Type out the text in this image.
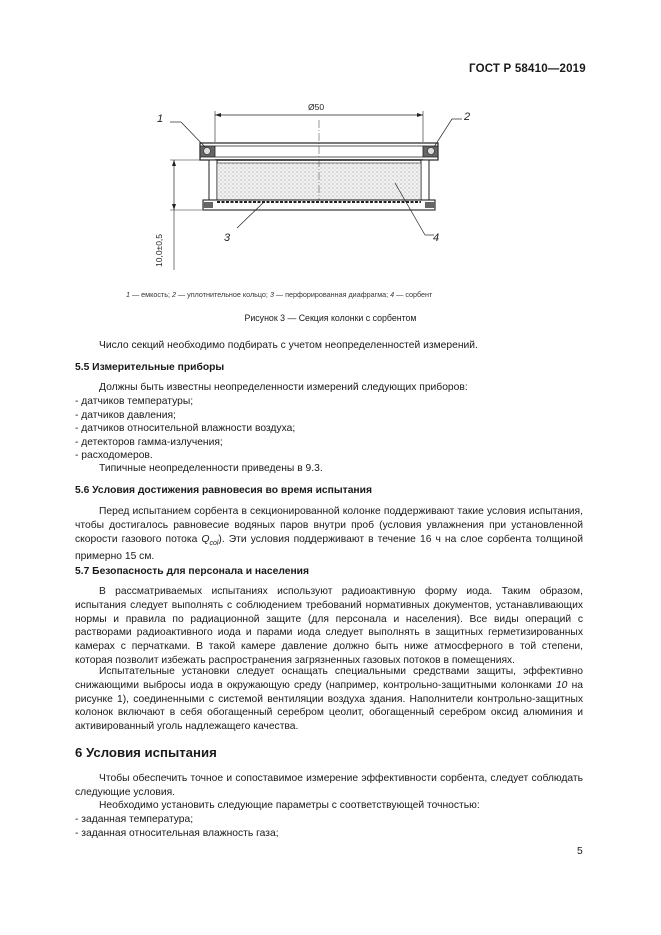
ГОСТ Р 58410—2019
Ø50
10,0±0,5
1	2
3	4
1 — емкость; 2 — уплотнительное кольцо; 3 — перфорированная диафрагма; 4 — сорбент
Рисунок 3 — Секция колонки с сорбентом
Число секций необходимо подбирать с учетом неопределенностей измерений.
5.5 Измерительные приборы
Должны быть известны неопределенности измерений следующих приборов:
- датчиков температуры;
- датчиков давления;
- датчиков относительной влажности воздуха;
- детекторов гамма-излучения;
- расходомеров.
Типичные неопределенности приведены в 9.3.
5.6 Условия достижения равновесия во время испытания
Перед испытанием сорбента в секционированной колонке поддерживают такие условия испытания, чтобы достигалось равновесие водяных паров внутри проб (условия увлажнения при установленной скорости газового потока $Q_{col}$). Эти условия поддерживают в течение 16 ч на слое сорбента толщиной примерно 15 см.
5.7 Безопасность для персонала и населения
В рассматриваемых испытаниях используют радиоактивную форму иода. Таким образом, испытания следует выполнять с соблюдением требований нормативных документов, устанавливающих нормы и правила по радиационной защите (для персонала и населения). Все виды операций с растворами радиоактивного иода и парами иода следует выполнять в защитных герметизированных камерах с перчатками. В такой камере давление должно быть ниже атмосферного в той степени, которая позволит избежать распространения загрязненных газовых потоков в помещениях.
Испытательные установки следует оснащать специальными средствами защиты, эффективно снижающими выбросы иода в окружающую среду (например, контрольно-защитными колонками 10 на рисунке 1), соединенными с системой вентиляции воздуха здания. Наполнители контрольно-защитных колонок включают в себя обогащенный серебром цеолит, обогащенный серебром оксид алюминия и активированный уголь надлежащего качества.
6 Условия испытания
Чтобы обеспечить точное и сопоставимое измерение эффективности сорбента, следует соблюдать следующие условия.
Необходимо установить следующие параметры с соответствующей точностью:
- заданная температура;
- заданная относительная влажность газа;
5
